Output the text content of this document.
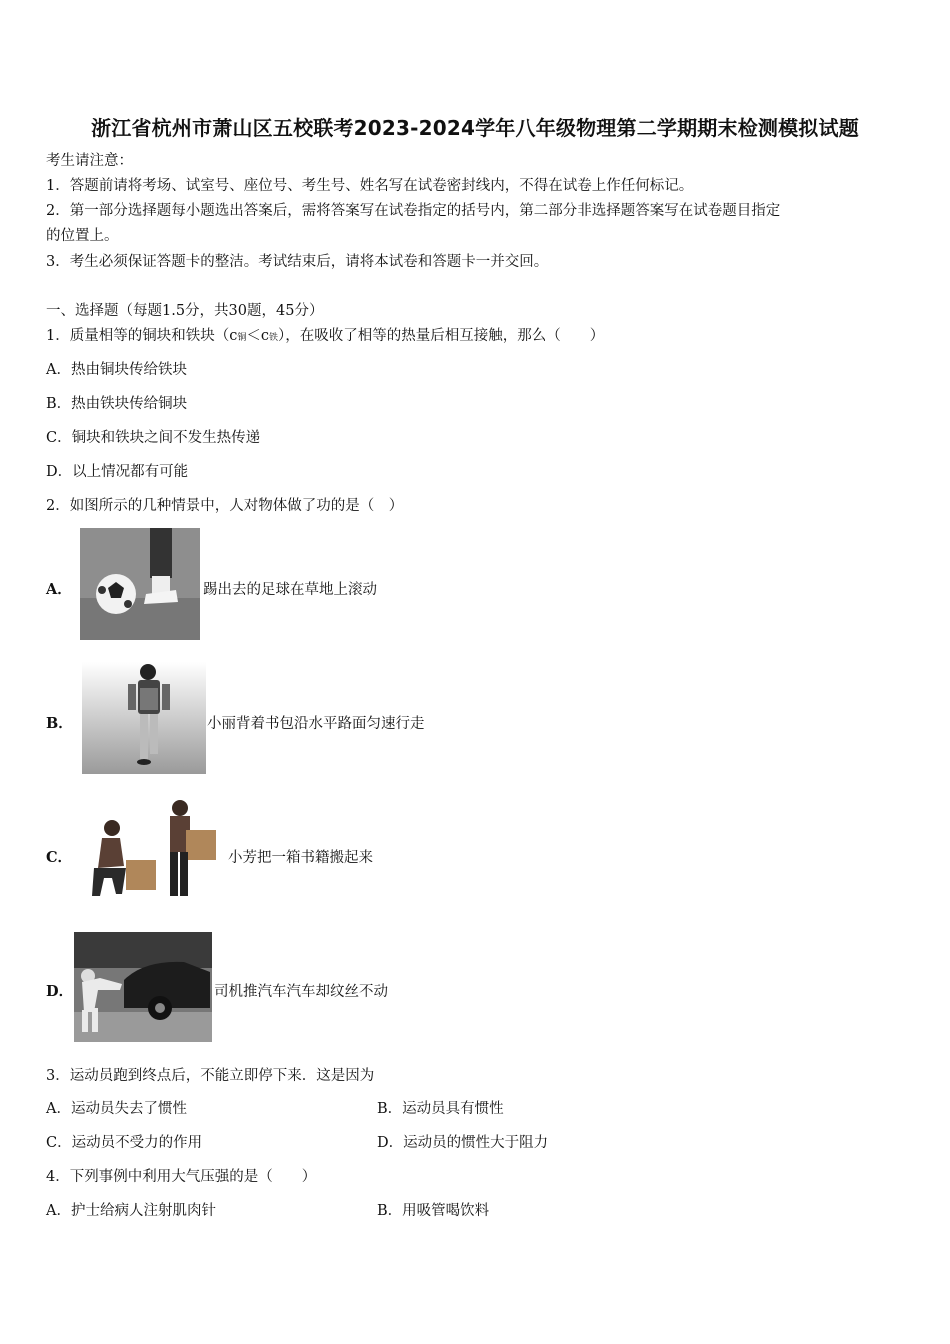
浙江省杭州市萧山区五校联考2023-2024学年八年级物理第二学期期末检测模拟试题
考生请注意：
1．答题前请将考场、试室号、座位号、考生号、姓名写在试卷密封线内，不得在试卷上作任何标记。
2．第一部分选择题每小题选出答案后，需将答案写在试卷指定的括号内，第二部分非选择题答案写在试卷题目指定
的位置上。
3．考生必须保证答题卡的整洁。考试结束后，请将本试卷和答题卡一并交回。
一、选择题（每题1.5分，共30题，45分）
1．质量相等的铜块和铁块（c铜＜c铁），在吸收了相等的热量后相互接触，那么（　　）
A．热由铜块传给铁块
B．热由铁块传给铜块
C．铜块和铁块之间不发生热传递
D．以上情况都有可能
2．如图所示的几种情景中，人对物体做了功的是（　）
A．	踢出去的足球在草地上滚动
B．	小丽背着书包沿水平路面匀速行走
C．	小芳把一箱书籍搬起来
D．	司机推汽车汽车却纹丝不动
3．运动员跑到终点后，不能立即停下来．这是因为
A．运动员失去了惯性	B．运动员具有惯性
C．运动员不受力的作用	D．运动员的惯性大于阻力
4．下列事例中利用大气压强的是（　　）
A．护士给病人注射肌肉针	B．用吸管喝饮料
